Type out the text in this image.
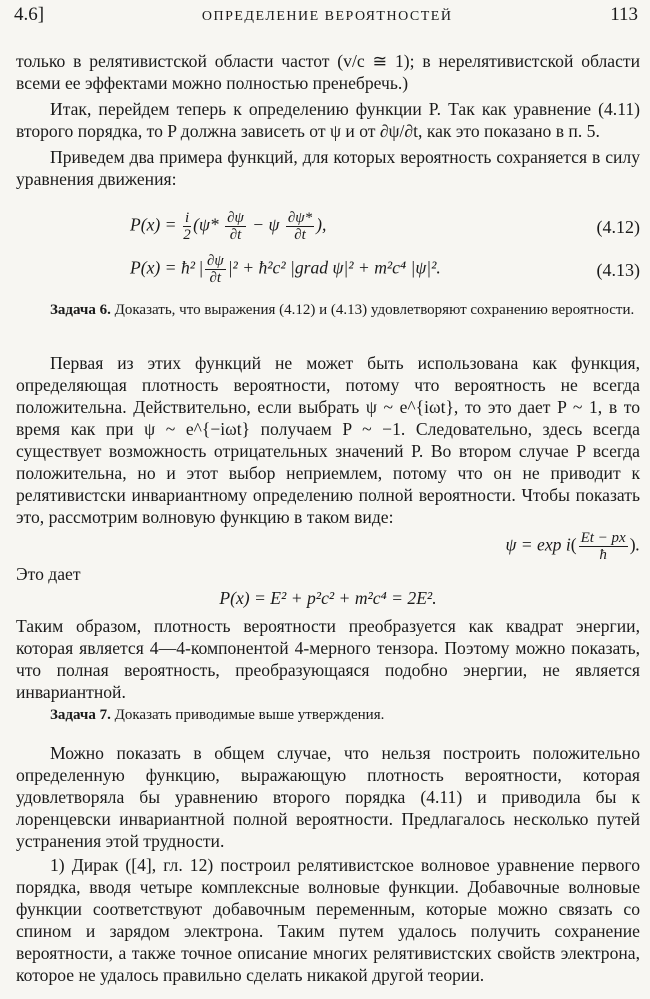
4.6]	ОПРЕДЕЛЕНИЕ ВЕРОЯТНОСТЕЙ	113

только в релятивистской области частот (v/c ≅ 1); в нерелятивистской области всеми ее эффектами можно полностью пренебречь.)

Итак, перейдем теперь к определению функции P. Так как уравнение (4.11) второго порядка, то P должна зависеть от ψ и от ∂ψ/∂t, как это показано в п. 5.

Приведем два примера функций, для которых вероятность сохраняется в силу уравнения движения:

$P(x) = \frac{i}{2} (\psi* \frac{\partial\psi}{\partial t} - \psi \frac{\partial\psi*}{\partial t}$ ),	(4.12)
P(x) = ħ² | $\frac{\partial\psi}{\partial t} |^2$ + ħ²c² |grad ψ|² + m²c⁴ |ψ|².	(4.13)

Задача 6. Доказать, что выражения (4.12) и (4.13) удовлетворяют сохранению вероятности.

Первая из этих функций не может быть использована как функция, определяющая плотность вероятности, потому что вероятность не всегда положительна. Действительно, если выбрать ψ ~ e^{iωt}, то это дает P ~ 1, в то время как при ψ ~ e^{−iωt} получаем P ~ −1. Следовательно, здесь всегда существует возможность отрицательных значений P. Во втором случае P всегда положительна, но и этот выбор неприемлем, потому что он не приводит к релятивистски инвариантному определению полной вероятности. Чтобы показать это, рассмотрим волновую функцию в таком виде:

$\psi = \exp i( \frac{Et - px}{ħ}$ ).

Это дает

P(x) = E² + p²c² + m²c⁴ = 2E².

Таким образом, плотность вероятности преобразуется как квадрат энергии, которая является 4—4-компонентой 4-мерного тензора. Поэтому можно показать, что полная вероятность, преобразующаяся подобно энергии, не является инвариантной.

Задача 7. Доказать приводимые выше утверждения.

Можно показать в общем случае, что нельзя построить положительно определенную функцию, выражающую плотность вероятности, которая удовлетворяла бы уравнению второго порядка (4.11) и приводила бы к лоренцевски инвариантной полной вероятности. Предлагалось несколько путей устранения этой трудности.

1) Дирак ([4], гл. 12) построил релятивистское волновое уравнение первого порядка, вводя четыре комплексные волновые функции. Добавочные волновые функции соответствуют добавочным переменным, которые можно связать со спином и зарядом электрона. Таким путем удалось получить сохранение вероятности, а также точное описание многих релятивистских свойств электрона, которое не удалось правильно сделать никакой другой теории.
